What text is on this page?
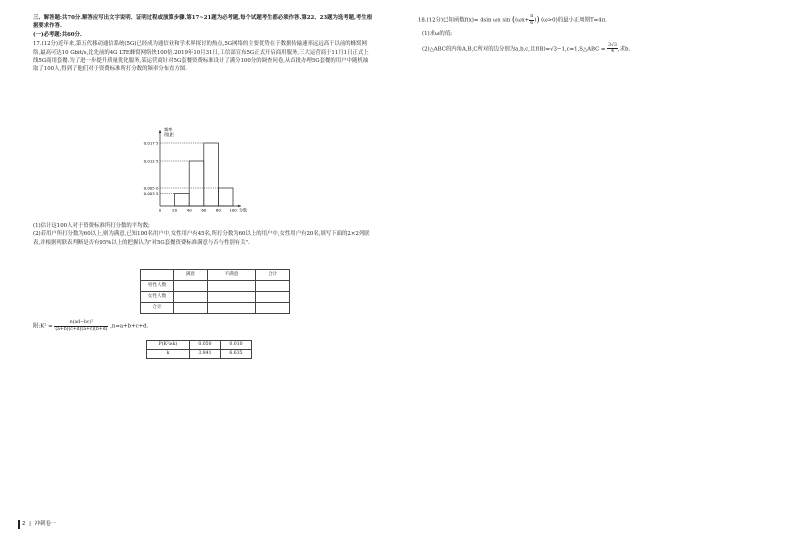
三、解答题:共70分.解答应写出文字说明、证明过程或演算步骤.第17~21题为必考题,每个试题考生都必须作答.第22、23题为选考题,考生根据要求作答.

(一)必考题:共60分.

17.(12分)近年来,第五代移动通信系统(5G)已经成为通信业和学术界探讨的热点,5G网络的主要优势在于数据传输速率远远高于以前的蜂窝网络,最高可达10 Gbit/s,比先前的4G LTE蜂窝网络快100倍.2019年10月31日,工信部宣布5G正式开启商用服务,三大运营商于11月1日正式上线5G商用套餐.为了进一步提升质量优化服务,某运营商针对5G套餐资费标准设计了满分100分的调查问卷,从首批办理5G套餐的用户中随机抽取了100人,得到了他们对于资费标准所打分数的频率分布直方图.

频率
/组距
0.017 5
0.012 5
0.005 0
0.003 5
0	20 40 60 80 100 分数

(1)估计这100人对于资费标准所打分数的平均数;

(2)若用户所打分数为60以上,则为满意,已知100名用户中,女性用户有45名,所打分数为60以上的用户中,女性用户有20名,填写下面的2×2列联表,并根据列联表判断是否有95%以上的把握认为"对5G套餐资费标准满意与否与性别有关".

	满意	不满意	合计
男性人数			
女性人数			
合计			
附:K² = $\frac{\text{n(ad−bc)²}}{(a+b)(c+d)(a+c)(b+d)} ,n=a+b+c+d$.
P(K²≥k)	0.050	0.010
k	3.841	6.635

18.(12分)已知函数f(x)= 4sin ωx $\sin ((\omega x+ \frac{\pi}{6}$ )) (ω>0)的最小正周期T=4π.

(1)求ω的值;

(2)△ABC的内角A,B,C所对的边分别为a,b,c,且f(B)=√3−1,c=1,S△ABC = $\frac{3√3}{4}$ ,求b.

2 | 冲刺卷一
